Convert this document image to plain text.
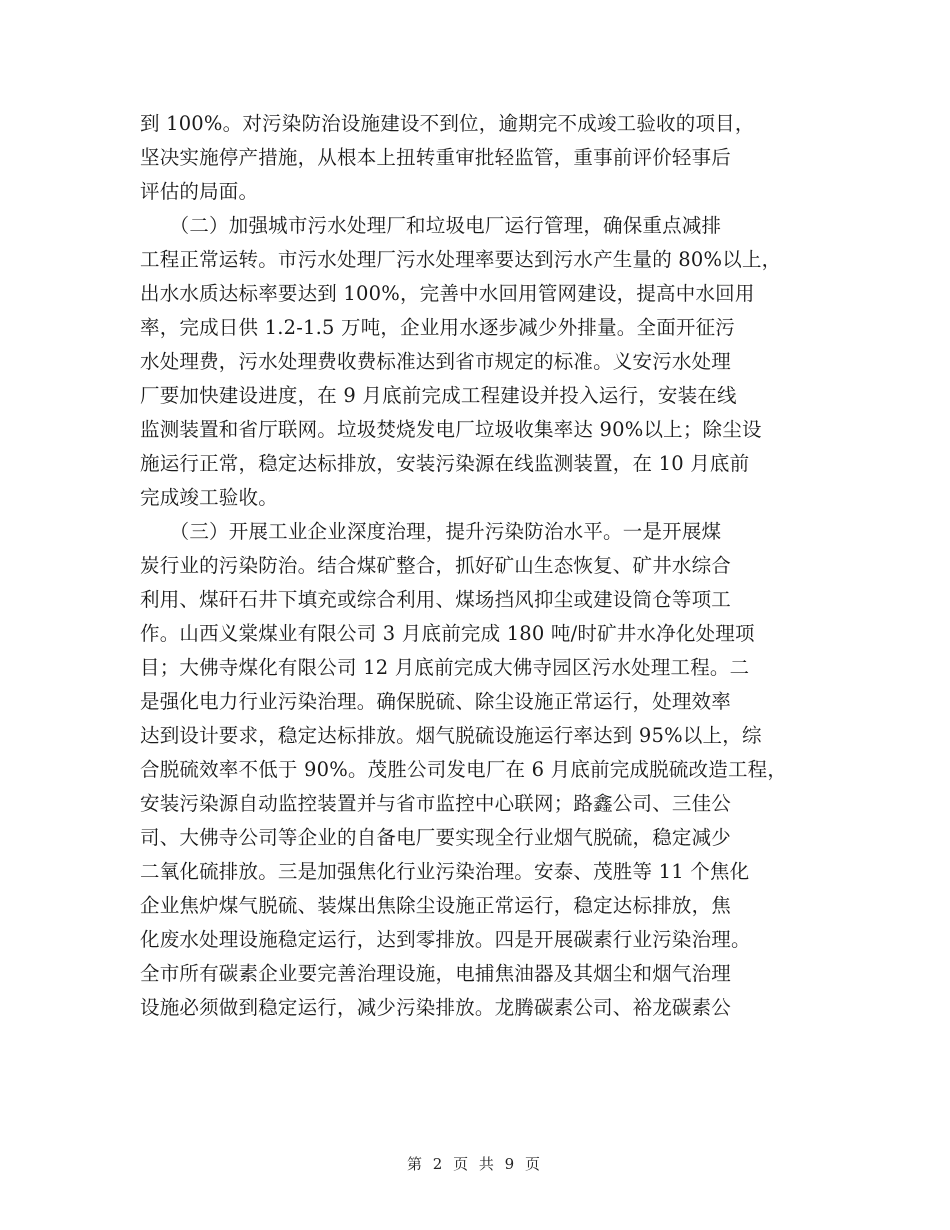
到 100%。对污染防治设施建设不到位，逾期完不成竣工验收的项目，
坚决实施停产措施，从根本上扭转重审批轻监管，重事前评价轻事后
评估的局面。
　　（二）加强城市污水处理厂和垃圾电厂运行管理，确保重点减排
工程正常运转。市污水处理厂污水处理率要达到污水产生量的 80%以上，
出水水质达标率要达到 100%，完善中水回用管网建设，提高中水回用
率，完成日供 1.2-1.5 万吨，企业用水逐步减少外排量。全面开征污
水处理费，污水处理费收费标准达到省市规定的标准。义安污水处理
厂要加快建设进度，在 9 月底前完成工程建设并投入运行，安装在线
监测装置和省厅联网。垃圾焚烧发电厂垃圾收集率达 90%以上；除尘设
施运行正常，稳定达标排放，安装污染源在线监测装置，在 10 月底前
完成竣工验收。
　　（三）开展工业企业深度治理，提升污染防治水平。一是开展煤
炭行业的污染防治。结合煤矿整合，抓好矿山生态恢复、矿井水综合
利用、煤矸石井下填充或综合利用、煤场挡风抑尘或建设筒仓等项工
作。山西义棠煤业有限公司 3 月底前完成 180 吨/时矿井水净化处理项
目；大佛寺煤化有限公司 12 月底前完成大佛寺园区污水处理工程。二
是强化电力行业污染治理。确保脱硫、除尘设施正常运行，处理效率
达到设计要求，稳定达标排放。烟气脱硫设施运行率达到 95%以上，综
合脱硫效率不低于 90%。茂胜公司发电厂在 6 月底前完成脱硫改造工程，
安装污染源自动监控装置并与省市监控中心联网；路鑫公司、三佳公
司、大佛寺公司等企业的自备电厂要实现全行业烟气脱硫，稳定减少
二氧化硫排放。三是加强焦化行业污染治理。安泰、茂胜等 11 个焦化
企业焦炉煤气脱硫、装煤出焦除尘设施正常运行，稳定达标排放，焦
化废水处理设施稳定运行，达到零排放。四是开展碳素行业污染治理。
全市所有碳素企业要完善治理设施，电捕焦油器及其烟尘和烟气治理
设施必须做到稳定运行，减少污染排放。龙腾碳素公司、裕龙碳素公
第 2 页 共 9 页
